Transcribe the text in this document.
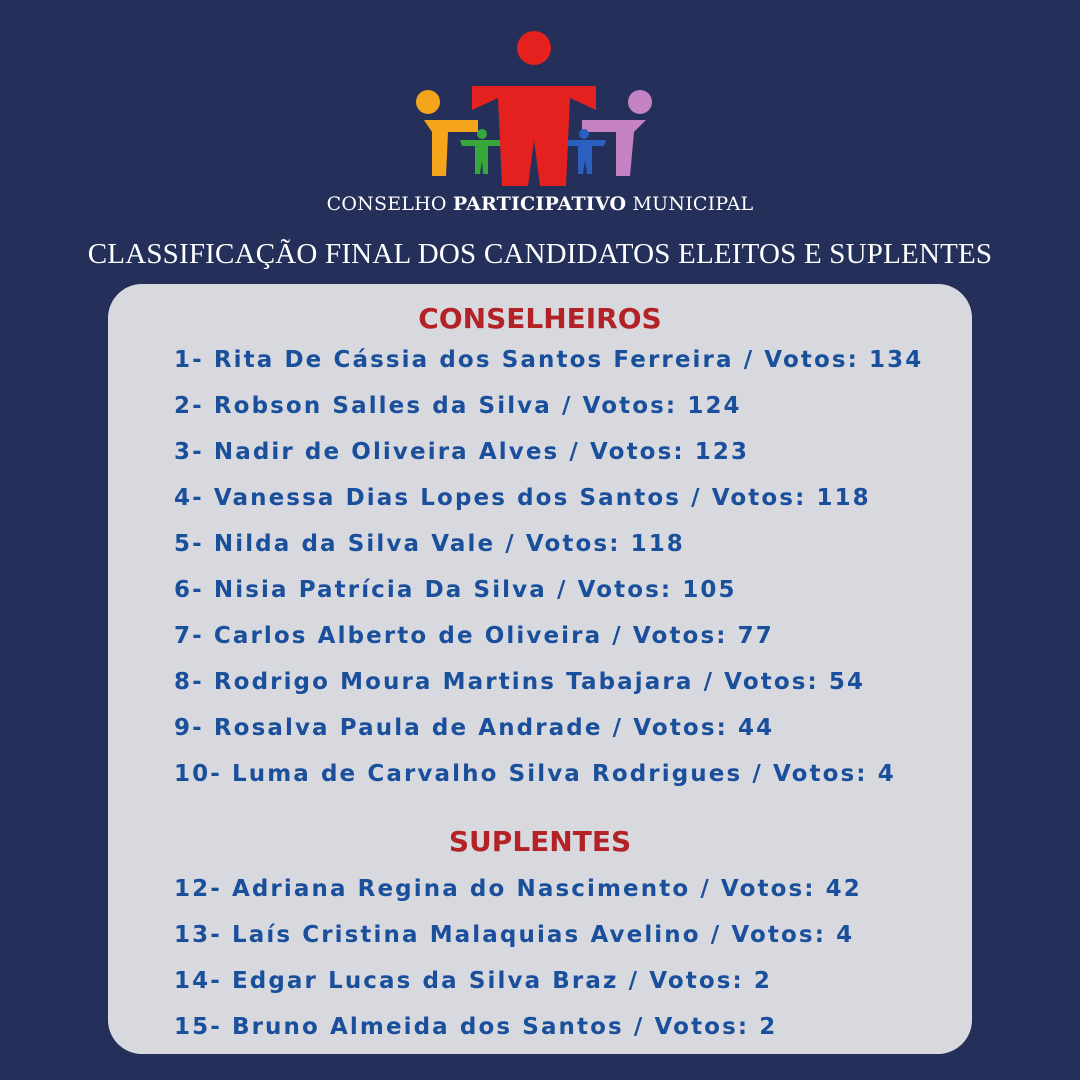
CONSELHO PARTICIPATIVO MUNICIPAL
CLASSIFICAÇÃO FINAL DOS CANDIDATOS ELEITOS E SUPLENTES
CONSELHEIROS
1- Rita De Cássia dos Santos Ferreira / Votos: 134
2- Robson Salles da Silva / Votos: 124
3- Nadir de Oliveira Alves / Votos: 123
4- Vanessa Dias Lopes dos Santos / Votos: 118
5- Nilda da Silva Vale / Votos: 118
6- Nisia Patrícia Da Silva / Votos: 105
7- Carlos Alberto de Oliveira / Votos: 77
8- Rodrigo Moura Martins Tabajara / Votos: 54
9- Rosalva Paula de Andrade / Votos: 44
10- Luma de Carvalho Silva Rodrigues / Votos: 4
SUPLENTES
12- Adriana Regina do Nascimento / Votos: 42
13- Laís Cristina Malaquias Avelino / Votos: 4
14- Edgar Lucas da Silva Braz / Votos: 2
15- Bruno Almeida dos Santos / Votos: 2
